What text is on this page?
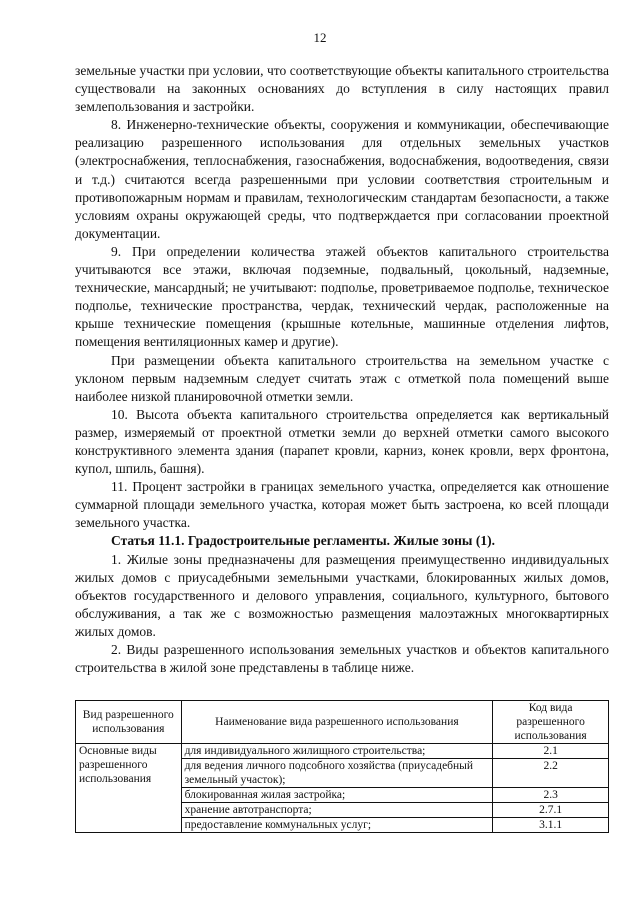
12

земельные участки при условии, что соответствующие объекты капитального строительства существовали на законных основаниях до вступления в силу настоящих правил землепользования и застройки.

8. Инженерно-технические объекты, сооружения и коммуникации, обеспечивающие реализацию разрешенного использования для отдельных земельных участков (электроснабжения, теплоснабжения, газоснабжения, водоснабжения, водоотведения, связи и т.д.) считаются всегда разрешенными при условии соответствия строительным и противопожарным нормам и правилам, технологическим стандартам безопасности, а также условиям охраны окружающей среды, что подтверждается при согласовании проектной документации.

9. При определении количества этажей объектов капитального строительства учитываются все этажи, включая подземные, подвальный, цокольный, надземные, технические, мансардный; не учитывают: подполье, проветриваемое подполье, техническое подполье, технические пространства, чердак, технический чердак, расположенные на крыше технические помещения (крышные котельные, машинные отделения лифтов, помещения вентиляционных камер и другие).

При размещении объекта капитального строительства на земельном участке с уклоном первым надземным следует считать этаж с отметкой пола помещений выше наиболее низкой планировочной отметки земли.

10. Высота объекта капитального строительства определяется как вертикальный размер, измеряемый от проектной отметки земли до верхней отметки самого высокого конструктивного элемента здания (парапет кровли, карниз, конек кровли, верх фронтона, купол, шпиль, башня).

11. Процент застройки в границах земельного участка, определяется как отношение суммарной площади земельного участка, которая может быть застроена, ко всей площади земельного участка.

Статья 11.1. Градостроительные регламенты. Жилые зоны (1).

1. Жилые зоны предназначены для размещения преимущественно индивидуальных жилых домов с приусадебными земельными участками, блокированных жилых домов, объектов государственного и делового управления, социального, культурного, бытового обслуживания, а так же с возможностью размещения малоэтажных многоквартирных жилых домов.

2. Виды разрешенного использования земельных участков и объектов капитального строительства в жилой зоне представлены в таблице ниже.

Вид разрешенного использования	Наименование вида разрешенного использования	Код вида разрешенного использования
Основные виды разрешенного использования	для индивидуального жилищного строительства;	2.1
	для ведения личного подсобного хозяйства (приусадебный земельный участок);	2.2
	блокированная жилая застройка;	2.3
	хранение автотранспорта;	2.7.1
	предоставление коммунальных услуг;	3.1.1
